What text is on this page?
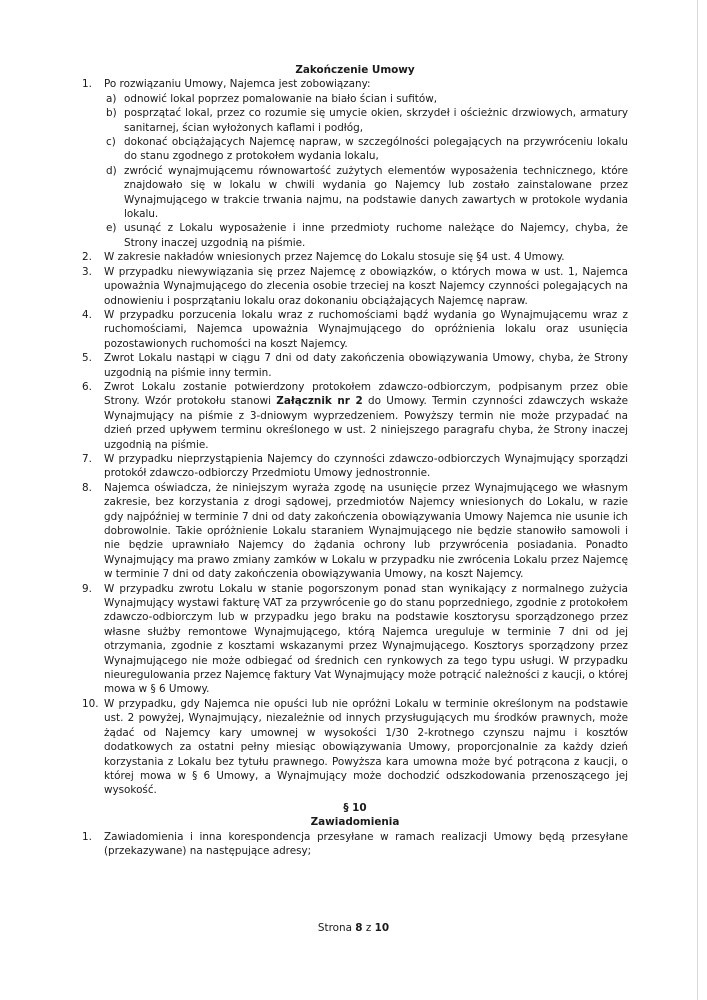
Zakończenie Umowy

1. Po rozwiązaniu Umowy, Najemca jest zobowiązany:
a) odnowić lokal poprzez pomalowanie na biało ścian i sufitów,
b) posprzątać lokal, przez co rozumie się umycie okien, skrzydeł i ościeżnic drzwiowych, armatury sanitarnej, ścian wyłożonych kaflami i podłóg,
c) dokonać obciążających Najemcę napraw, w szczególności polegających na przywróceniu lokalu do stanu zgodnego z protokołem wydania lokalu,
d) zwrócić wynajmującemu równowartość zużytych elementów wyposażenia technicznego, które znajdowało się w lokalu w chwili wydania go Najemcy lub zostało zainstalowane przez Wynajmującego w trakcie trwania najmu, na podstawie danych zawartych w protokole wydania lokalu.
e) usunąć z Lokalu wyposażenie i inne przedmioty ruchome należące do Najemcy, chyba, że Strony inaczej uzgodnią na piśmie.
2. W zakresie nakładów wniesionych przez Najemcę do Lokalu stosuje się §4 ust. 4 Umowy.
3. W przypadku niewywiązania się przez Najemcę z obowiązków, o których mowa w ust. 1, Najemca upoważnia Wynajmującego do zlecenia osobie trzeciej na koszt Najemcy czynności polegających na odnowieniu i posprzątaniu lokalu oraz dokonaniu obciążających Najemcę napraw.
4. W przypadku porzucenia lokalu wraz z ruchomościami bądź wydania go Wynajmującemu wraz z ruchomościami, Najemca upoważnia Wynajmującego do opróżnienia lokalu oraz usunięcia pozostawionych ruchomości na koszt Najemcy.
5. Zwrot Lokalu nastąpi w ciągu 7 dni od daty zakończenia obowiązywania Umowy, chyba, że Strony uzgodnią na piśmie inny termin.
6. Zwrot Lokalu zostanie potwierdzony protokołem zdawczo-odbiorczym, podpisanym przez obie Strony. Wzór protokołu stanowi Załącznik nr 2 do Umowy. Termin czynności zdawczych wskaże Wynajmujący na piśmie z 3-dniowym wyprzedzeniem. Powyższy termin nie może przypadać na dzień przed upływem terminu określonego w ust. 2 niniejszego paragrafu chyba, że Strony inaczej uzgodnią na piśmie.
7. W przypadku nieprzystąpienia Najemcy do czynności zdawczo-odbiorczych Wynajmujący sporządzi protokół zdawczo-odbiorczy Przedmiotu Umowy jednostronnie.
8. Najemca oświadcza, że niniejszym wyraża zgodę na usunięcie przez Wynajmującego we własnym zakresie, bez korzystania z drogi sądowej, przedmiotów Najemcy wniesionych do Lokalu, w razie gdy najpóźniej w terminie 7 dni od daty zakończenia obowiązywania Umowy Najemca nie usunie ich dobrowolnie. Takie opróżnienie Lokalu staraniem Wynajmującego nie będzie stanowiło samowoli i nie będzie uprawniało Najemcy do żądania ochrony lub przywrócenia posiadania. Ponadto Wynajmujący ma prawo zmiany zamków w Lokalu w przypadku nie zwrócenia Lokalu przez Najemcę w terminie 7 dni od daty zakończenia obowiązywania Umowy, na koszt Najemcy.
9. W przypadku zwrotu Lokalu w stanie pogorszonym ponad stan wynikający z normalnego zużycia Wynajmujący wystawi fakturę VAT za przywrócenie go do stanu poprzedniego, zgodnie z protokołem zdawczo-odbiorczym lub w przypadku jego braku na podstawie kosztorysu sporządzonego przez własne służby remontowe Wynajmującego, którą Najemca ureguluje w terminie 7 dni od jej otrzymania, zgodnie z kosztami wskazanymi przez Wynajmującego. Kosztorys sporządzony przez Wynajmującego nie może odbiegać od średnich cen rynkowych za tego typu usługi. W przypadku nieuregulowania przez Najemcę faktury Vat Wynajmujący może potrącić należności z kaucji, o której mowa w § 6 Umowy.
10. W przypadku, gdy Najemca nie opuści lub nie opróżni Lokalu w terminie określonym na podstawie ust. 2 powyżej, Wynajmujący, niezależnie od innych przysługujących mu środków prawnych, może żądać od Najemcy kary umownej w wysokości 1/30 2-krotnego czynszu najmu i kosztów dodatkowych za ostatni pełny miesiąc obowiązywania Umowy, proporcjonalnie za każdy dzień korzystania z Lokalu bez tytułu prawnego. Powyższa kara umowna może być potrącona z kaucji, o której mowa w § 6 Umowy, a Wynajmujący może dochodzić odszkodowania przenoszącego jej wysokość.
§ 10
Zawiadomienia
1. Zawiadomienia i inna korespondencja przesyłane w ramach realizacji Umowy będą przesyłane (przekazywane) na następujące adresy;
Strona 8 z 10
